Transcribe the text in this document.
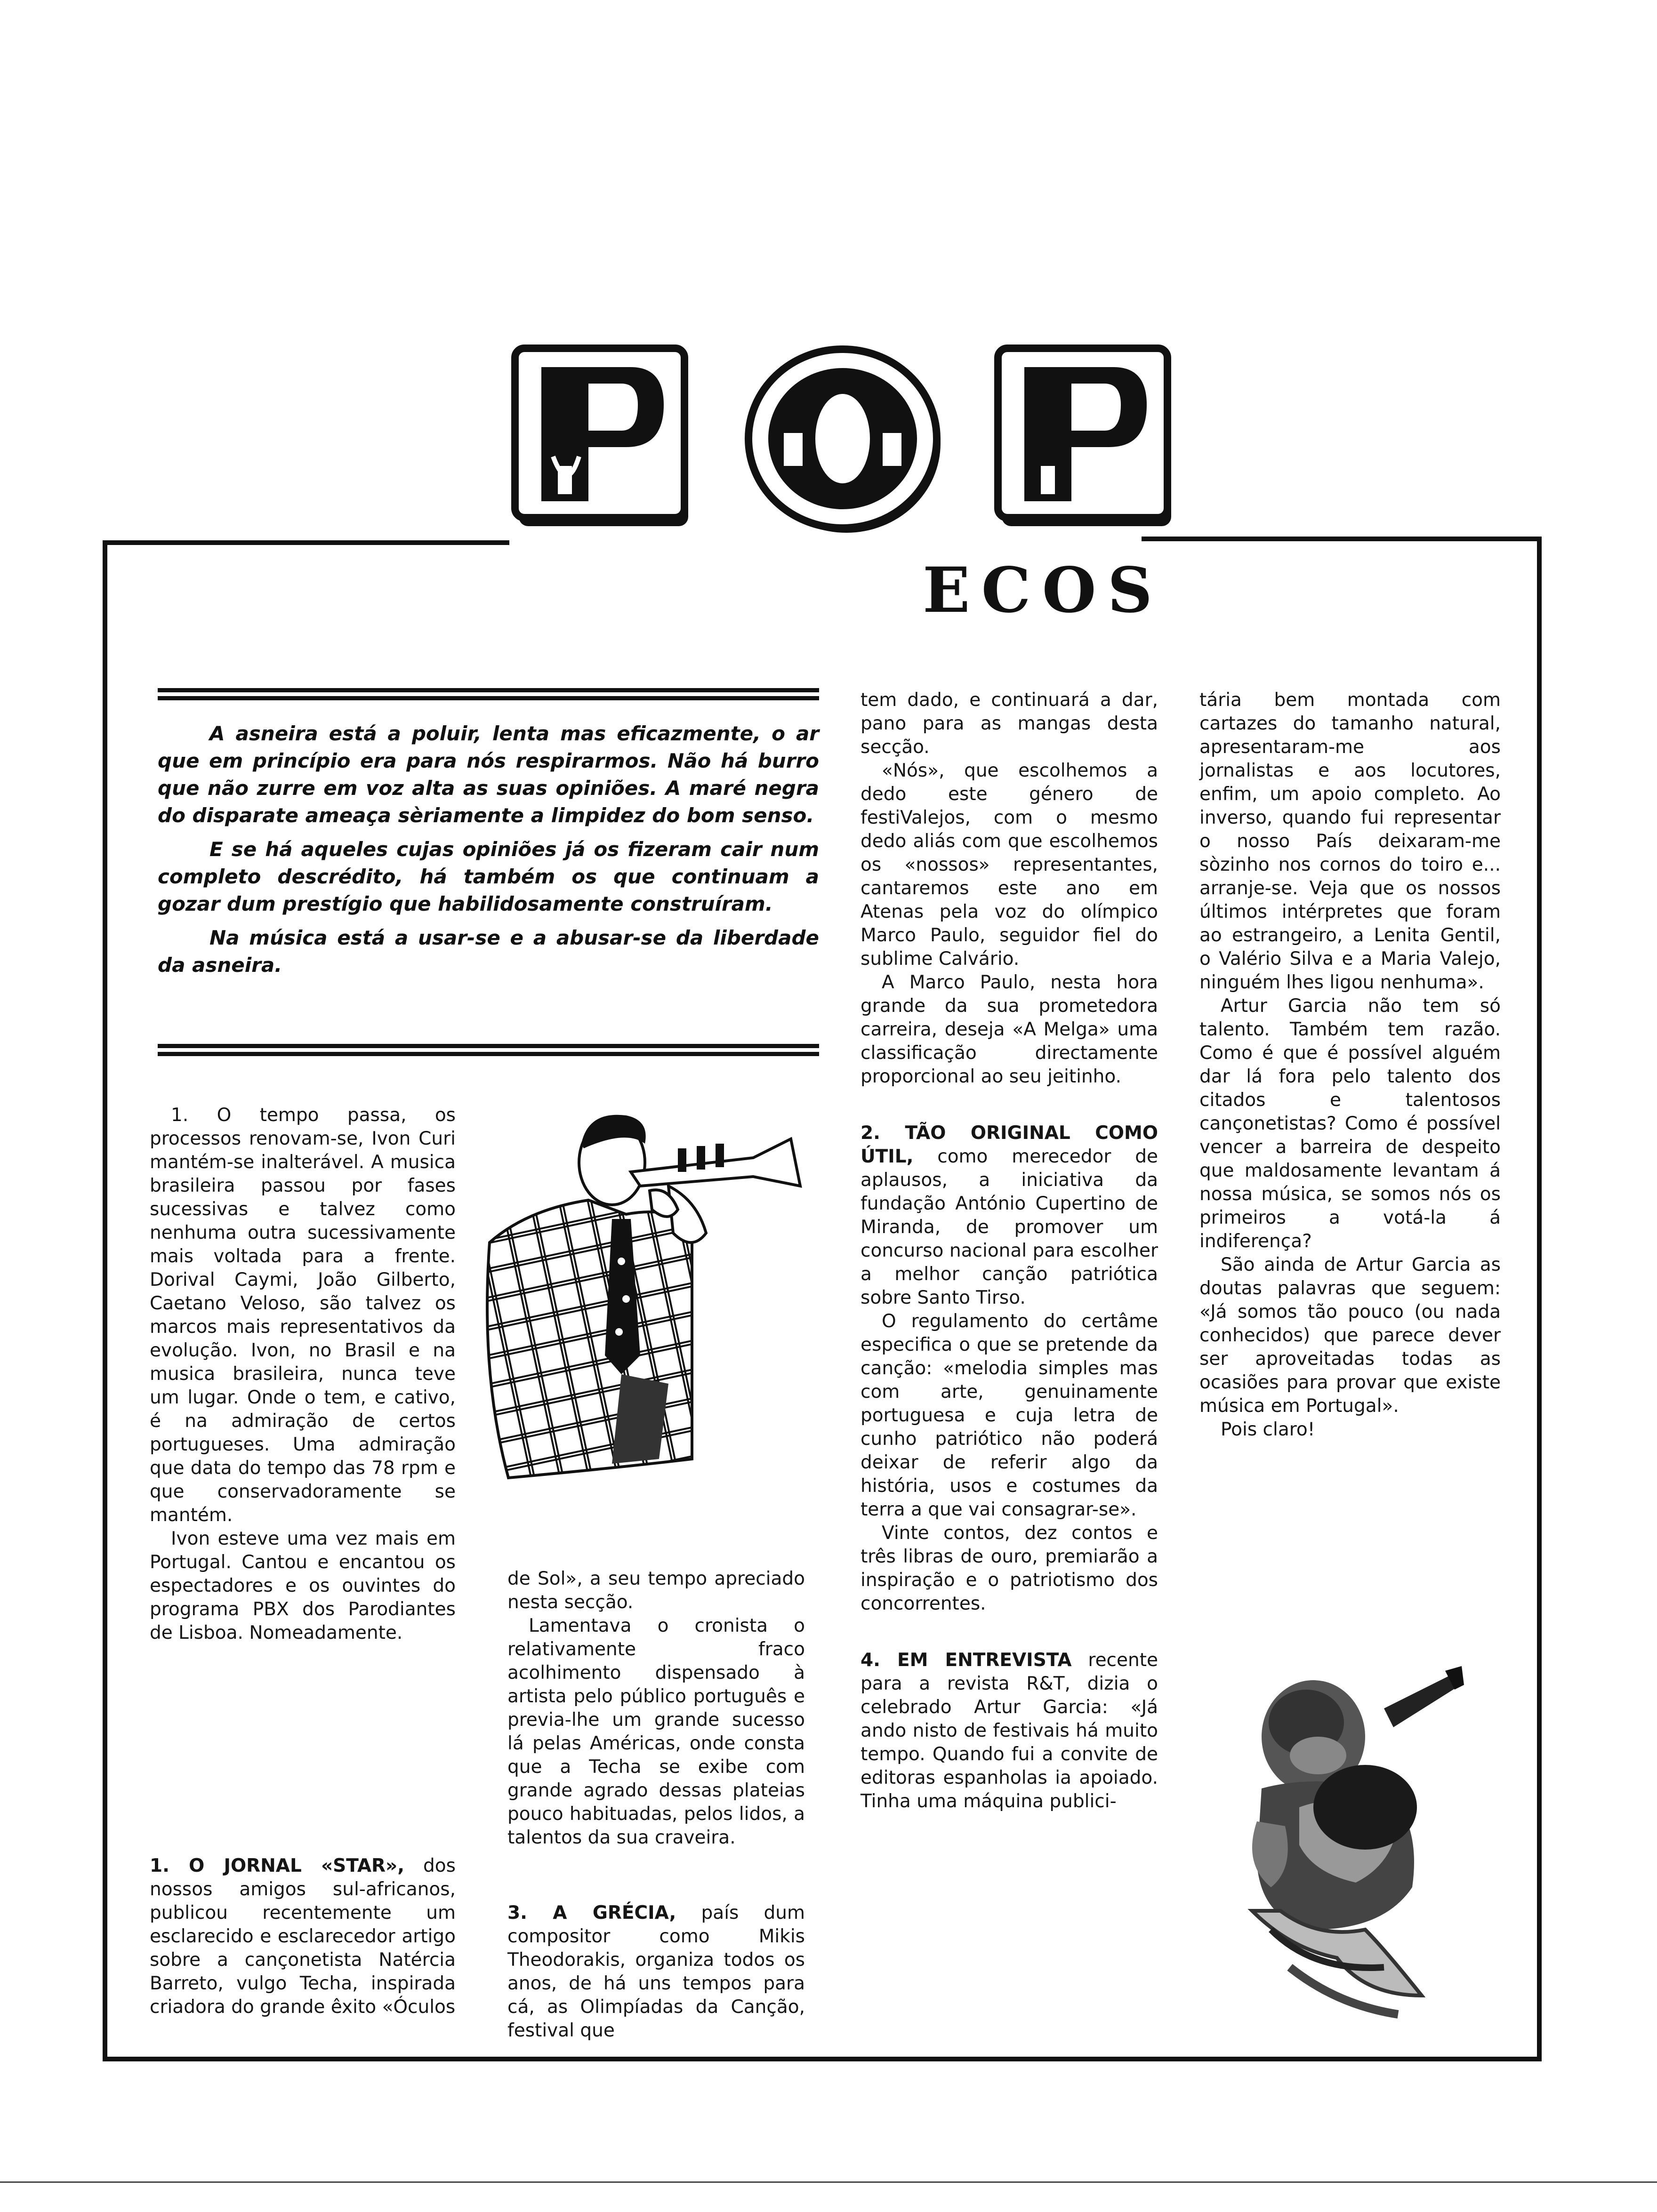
ECOS

A asneira está a poluir, lenta mas eficazmente, o ar que em princípio era para nós respirarmos. Não há burro que não zurre em voz alta as suas opiniões. A maré negra do disparate ameaça sèriamente a limpidez do bom senso.

E se há aqueles cujas opiniões já os fizeram cair num completo descrédito, há também os que continuam a gozar dum prestígio que habilidosamente construíram.

Na música está a usar-se e a abusar-se da liberdade da asneira.

1. O tempo passa, os processos renovam-se, Ivon Curi mantém-se inalterável. A musica brasileira passou por fases sucessivas e talvez como nenhuma outra sucessivamente mais voltada para a frente. Dorival Caymi, João Gilberto, Caetano Veloso, são talvez os marcos mais representativos da evolução. Ivon, no Brasil e na musica brasileira, nunca teve um lugar. Onde o tem, e cativo, é na admiração de certos portugueses. Uma admiração que data do tempo das 78 rpm e que conservadoramente se mantém.

Ivon esteve uma vez mais em Portugal. Cantou e encantou os espectadores e os ouvintes do programa PBX dos Parodiantes de Lisboa. Nomeadamente.

1. O JORNAL «STAR», dos nossos amigos sul-africanos, publicou recentemente um esclarecido e esclarecedor artigo sobre a cançonetista Natércia Barreto, vulgo Techa, inspirada criadora do grande êxito «Óculos

de Sol», a seu tempo apreciado nesta secção.

Lamentava o cronista o relativamente fraco acolhimento dispensado à artista pelo público português e previa-lhe um grande sucesso lá pelas Américas, onde consta que a Techa se exibe com grande agrado dessas plateias pouco habituadas, pelos lidos, a talentos da sua craveira.

3. A GRÉCIA, país dum compositor como Mikis Theodorakis, organiza todos os anos, de há uns tempos para cá, as Olimpíadas da Canção, festival que

tem dado, e continuará a dar, pano para as mangas desta secção.

«Nós», que escolhemos a dedo este género de festiValejos, com o mesmo dedo aliás com que escolhemos os «nossos» representantes, cantaremos este ano em Atenas pela voz do olímpico Marco Paulo, seguidor fiel do sublime Calvário.

A Marco Paulo, nesta hora grande da sua prometedora carreira, deseja «A Melga» uma classificação directamente proporcional ao seu jeitinho.

2. TÃO ORIGINAL COMO ÚTIL, como merecedor de aplausos, a iniciativa da fundação António Cupertino de Miranda, de promover um concurso nacional para escolher a melhor canção patriótica sobre Santo Tirso.

O regulamento do certâme especifica o que se pretende da canção: «melodia simples mas com arte, genuinamente portuguesa e cuja letra de cunho patriótico não poderá deixar de referir algo da história, usos e costumes da terra a que vai consagrar-se».

Vinte contos, dez contos e três libras de ouro, premiarão a inspiração e o patriotismo dos concorrentes.

4. EM ENTREVISTA recente para a revista R&T, dizia o celebrado Artur Garcia: «Já ando nisto de festivais há muito tempo. Quando fui a convite de editoras espanholas ia apoiado. Tinha uma máquina publici-

tária bem montada com cartazes do tamanho natural, apresentaram-me aos jornalistas e aos locutores, enfim, um apoio completo. Ao inverso, quando fui representar o nosso País deixaram-me sòzinho nos cornos do toiro e... arranje-se. Veja que os nossos últimos intérpretes que foram ao estrangeiro, a Lenita Gentil, o Valério Silva e a Maria Valejo, ninguém lhes ligou nenhuma».

Artur Garcia não tem só talento. Também tem razão. Como é que é possível alguém dar lá fora pelo talento dos citados e talentosos cançonetistas? Como é possível vencer a barreira de despeito que maldosamente levantam á nossa música, se somos nós os primeiros a votá-la á indiferença?

São ainda de Artur Garcia as doutas palavras que seguem: «Já somos tão pouco (ou nada conhecidos) que parece dever ser aproveitadas todas as ocasiões para provar que existe música em Portugal».

Pois claro!
